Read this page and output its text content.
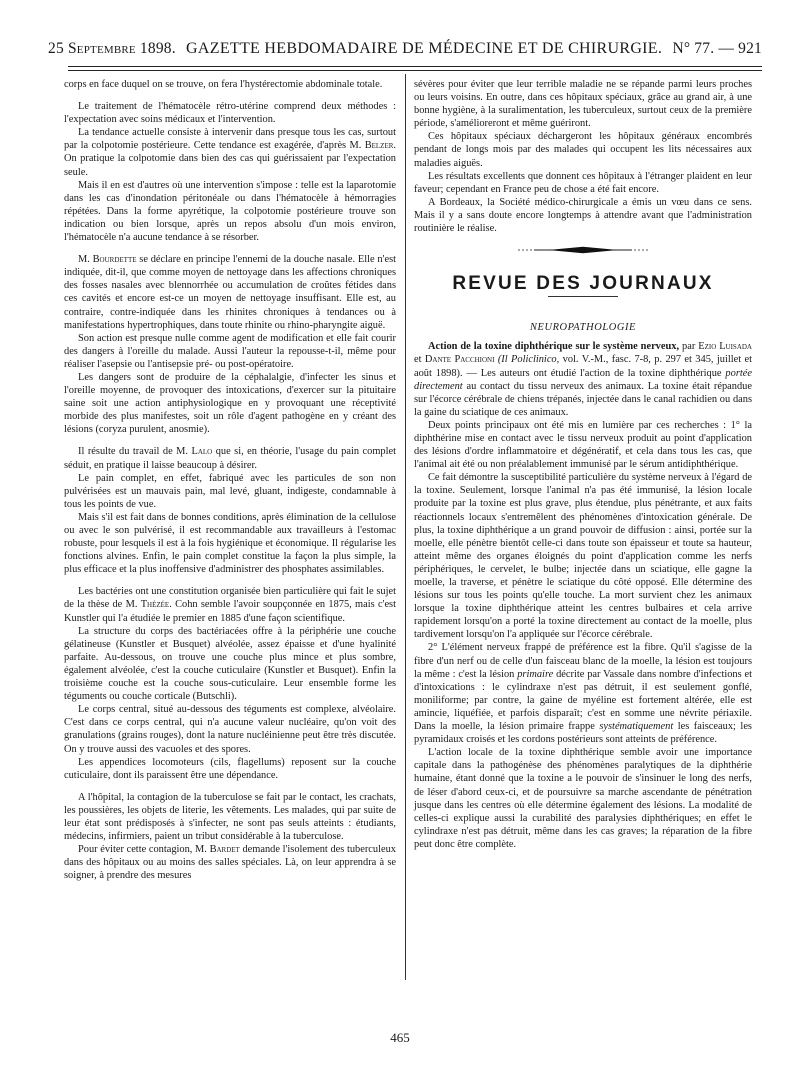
25 Septembre 1898. GAZETTE HEBDOMADAIRE DE MÉDECINE ET DE CHIRURGIE. N° 77. — 921

corps en face duquel on se trouve, on fera l'hystérectomie abdominale totale.

Le traitement de l'hématocèle rétro-utérine comprend deux méthodes : l'expectation avec soins médicaux et l'intervention.

La tendance actuelle consiste à intervenir dans presque tous les cas, surtout par la colpotomie postérieure. Cette tendance est exagérée, d'après M. Belzer. On pratique la colpotomie dans bien des cas qui guérissaient par l'expectation seule.

Mais il en est d'autres où une intervention s'impose : telle est la laparotomie dans les cas d'inondation péritonéale ou dans l'hématocèle à hémorragies répétées. Dans la forme apyrétique, la colpotomie postérieure trouve son indication ou bien lorsque, après un repos absolu d'un mois environ, l'hématocèle n'a aucune tendance à se résorber.

M. Bourdette se déclare en principe l'ennemi de la douche nasale. Elle n'est indiquée, dit-il, que comme moyen de nettoyage dans les affections chroniques des fosses nasales avec blennorrhée ou accumulation de croûtes fétides dans ces cavités et encore est-ce un moyen de nettoyage insuffisant. Elle est, au contraire, contre-indiquée dans les rhinites chroniques à tendances ou à manifestations hypertrophiques, dans toute rhinite ou rhino-pharyngite aiguë.

Son action est presque nulle comme agent de modification et elle fait courir des dangers à l'oreille du malade. Aussi l'auteur la repousse-t-il, même pour réaliser l'asepsie ou l'antisepsie pré- ou post-opératoire.

Les dangers sont de produire de la céphalalgie, d'infecter les sinus et l'oreille moyenne, de provoquer des intoxications, d'exercer sur la pituitaire saine soit une action antiphysiologique en y provoquant une réceptivité morbide des plus manifestes, soit un rôle d'agent pathogène en y créant des lésions (coryza purulent, anosmie).

Il résulte du travail de M. Lalo que si, en théorie, l'usage du pain complet séduit, en pratique il laisse beaucoup à désirer.

Le pain complet, en effet, fabriqué avec les particules de son non pulvérisées est un mauvais pain, mal levé, gluant, indigeste, condamnable à tous les points de vue.

Mais s'il est fait dans de bonnes conditions, après élimination de la cellulose ou avec le son pulvérisé, il est recommandable aux travailleurs à l'estomac robuste, pour lesquels il est à la fois hygiénique et économique. Il régularise les fonctions alvines. Enfin, le pain complet constitue la façon la plus simple, la plus efficace et la plus inoffensive d'administrer des phosphates assimilables.

Les bactéries ont une constitution organisée bien particulière qui fait le sujet de la thèse de M. Thézée. Cohn semble l'avoir soupçonnée en 1875, mais c'est Kunstler qui l'a étudiée le premier en 1885 d'une façon scientifique.

La structure du corps des bactériacées offre à la périphérie une couche gélatineuse (Kunstler et Busquet) alvéolée, assez épaisse et d'une hyalinité parfaite. Au-dessous, on trouve une couche plus mince et plus sombre, également alvéolée, c'est la couche cuticulaire (Kunstler et Busquet). Enfin la troisième couche est la couche sous-cuticulaire. Leur ensemble forme les téguments ou couche corticale (Butschli).

Le corps central, situé au-dessous des téguments est complexe, alvéolaire. C'est dans ce corps central, qui n'a aucune valeur nucléaire, qu'on voit des granulations (grains rouges), dont la nature nucléinienne peut être très discutée. On y trouve aussi des vacuoles et des spores.

Les appendices locomoteurs (cils, flagellums) reposent sur la couche cuticulaire, dont ils paraissent être une dépendance.

A l'hôpital, la contagion de la tuberculose se fait par le contact, les crachats, les poussières, les objets de literie, les vêtements. Les malades, qui par suite de leur état sont prédisposés à s'infecter, ne sont pas seuls atteints : étudiants, médecins, infirmiers, paient un tribut considérable à la tuberculose.

Pour éviter cette contagion, M. Bardet demande l'isolement des tuberculeux dans des hôpitaux ou au moins des salles spéciales. Là, on leur apprendra à se soigner, à prendre des mesures

sévères pour éviter que leur terrible maladie ne se répande parmi leurs proches ou leurs voisins. En outre, dans ces hôpitaux spéciaux, grâce au grand air, à une bonne hygiène, à la suralimentation, les tuberculeux, surtout ceux de la première période, s'amélioreront et même guériront.

Ces hôpitaux spéciaux déchargeront les hôpitaux généraux encombrés pendant de longs mois par des malades qui occupent les lits nécessaires aux maladies aiguës.

Les résultats excellents que donnent ces hôpitaux à l'étranger plaident en leur faveur; cependant en France peu de chose a été fait encore.

A Bordeaux, la Société médico-chirurgicale a émis un vœu dans ce sens. Mais il y a sans doute encore longtemps à attendre avant que l'administration routinière le réalise.

REVUE DES JOURNAUX

NEUROPATHOLOGIE

Action de la toxine diphthérique sur le système nerveux, par Ezio Luisada et Dante Pacchioni (Il Policlinico, vol. V.-M., fasc. 7-8, p. 297 et 345, juillet et août 1898). — Les auteurs ont étudié l'action de la toxine diphthérique portée directement au contact du tissu nerveux des animaux. La toxine était répandue sur l'écorce cérébrale de chiens trépanés, injectée dans le canal rachidien ou dans la gaine du sciatique de ces animaux.

Deux points principaux ont été mis en lumière par ces recherches : 1° la diphthérine mise en contact avec le tissu nerveux produit au point d'application des lésions d'ordre inflammatoire et dégénératif, et cela dans tous les cas, que l'animal ait été ou non préalablement immunisé par le sérum antidiphthérique.

Ce fait démontre la susceptibilité particulière du système nerveux à l'égard de la toxine. Seulement, lorsque l'animal n'a pas été immunisé, la lésion locale produite par la toxine est plus grave, plus étendue, plus pénétrante, et aux faits réactionnels locaux s'entremêlent des phénomènes d'intoxication générale. De plus, la toxine diphthérique a un grand pouvoir de diffusion : ainsi, portée sur la moelle, elle pénètre bientôt celle-ci dans toute son épaisseur et toute sa hauteur, atteint même des organes éloignés du point d'application comme les nerfs périphériques, le cervelet, le bulbe; injectée dans un sciatique, elle gagne la moelle, la traverse, et pénètre le sciatique du côté opposé. Elle détermine des lésions sur tous les points qu'elle touche. La mort survient chez les animaux lorsque la toxine diphthérique atteint les centres bulbaires et cela arrive rapidement lorsqu'on a porté la toxine directement au contact de la moelle, plus tardivement lorsqu'on l'a appliquée sur l'écorce cérébrale.

2° L'élément nerveux frappé de préférence est la fibre. Qu'il s'agisse de la fibre d'un nerf ou de celle d'un faisceau blanc de la moelle, la lésion est toujours la même : c'est la lésion primaire décrite par Vassale dans nombre d'infections et d'intoxications : le cylindraxe n'est pas détruit, il est seulement gonflé, moniliforme; par contre, la gaine de myéline est fortement altérée, elle est amincie, liquéfiée, et parfois disparaît; c'est en somme une névrite périaxile. Dans la moelle, la lésion primaire frappe systématiquement les faisceaux; les pyramidaux croisés et les cordons postérieurs sont atteints de préférence.

L'action locale de la toxine diphthérique semble avoir une importance capitale dans la pathogénèse des phénomènes paralytiques de la diphthérie humaine, étant donné que la toxine a le pouvoir de s'insinuer le long des nerfs, de léser d'abord ceux-ci, et de poursuivre sa marche ascendante de pénétration jusque dans les centres où elle détermine également des lésions. La modalité de celles-ci explique aussi la curabilité des paralysies diphthériques; en effet le cylindraxe n'est pas détruit, même dans les cas graves; la réparation de la fibre peut donc être complète.

465
